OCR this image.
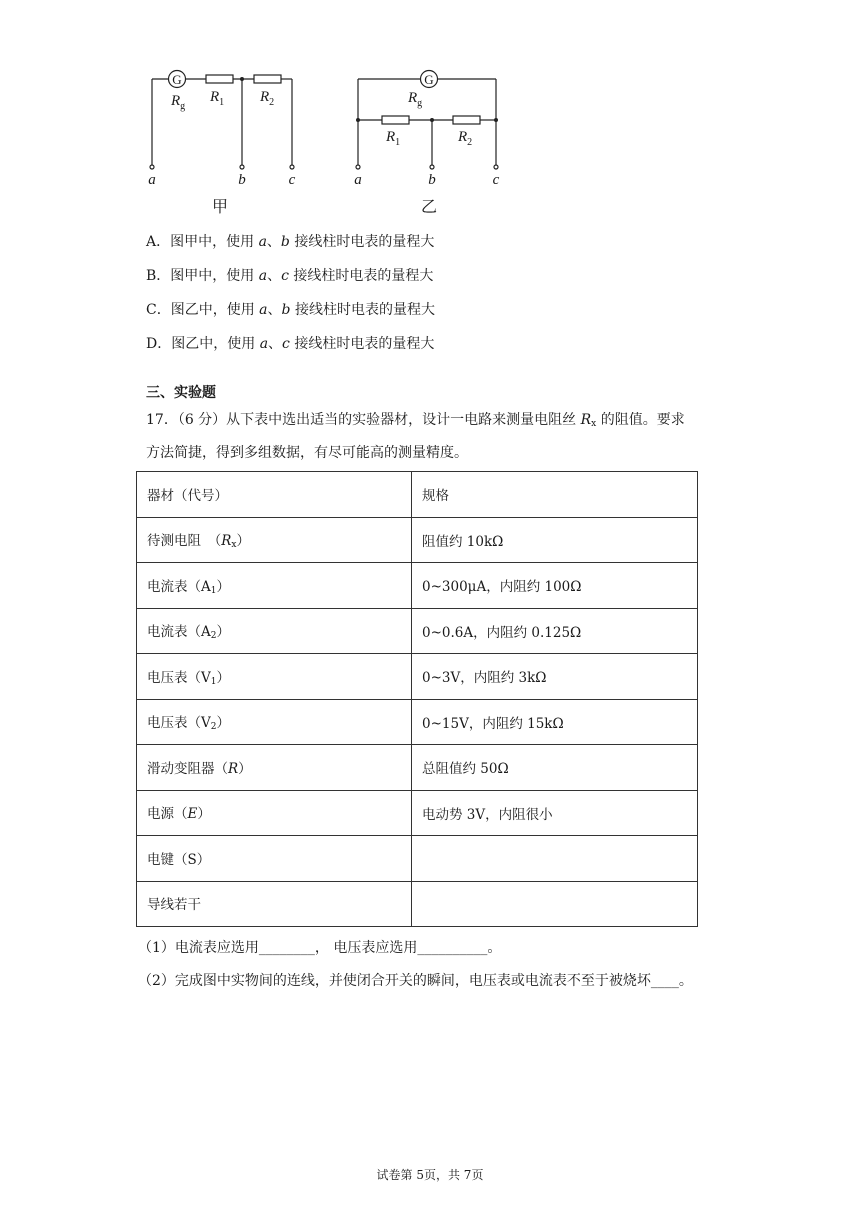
G
$R_g$
$R_1$ $R_2$
a	b	c
甲
G
$R_g$
$R_1$	$R_2$
a	b	c
乙
A．图甲中，使用 a、b 接线柱时电表的量程大
B．图甲中，使用 a、c 接线柱时电表的量程大
C．图乙中，使用 a、b 接线柱时电表的量程大
D．图乙中，使用 a、c 接线柱时电表的量程大
三、实验题
17．（6 分）从下表中选出适当的实验器材，设计一电路来测量电阻丝 $R_x$ 的阻值。要求
方法简捷，得到多组数据，有尽可能高的测量精度。
器材（代号）	规格
待测电阻　$(R_x)$	阻值约 10kΩ
电流表$(A_1)$	0~300μA，内阻约 100Ω
电流表$(A_2)$	0~0.6A，内阻约 0.125Ω
电压表$(V_1)$	0~3V，内阻约 3kΩ
电压表$(V_2)$	0~15V，内阻约 15kΩ
滑动变阻器（R）	总阻值约 50Ω
电源（E）	电动势 3V，内阻很小
电键（S）	
导线若干	
（1）电流表应选用________， 电压表应选用__________。
（2）完成图中实物间的连线，并使闭合开关的瞬间，电压表或电流表不至于被烧坏____。
试卷第 5页，共 7页
